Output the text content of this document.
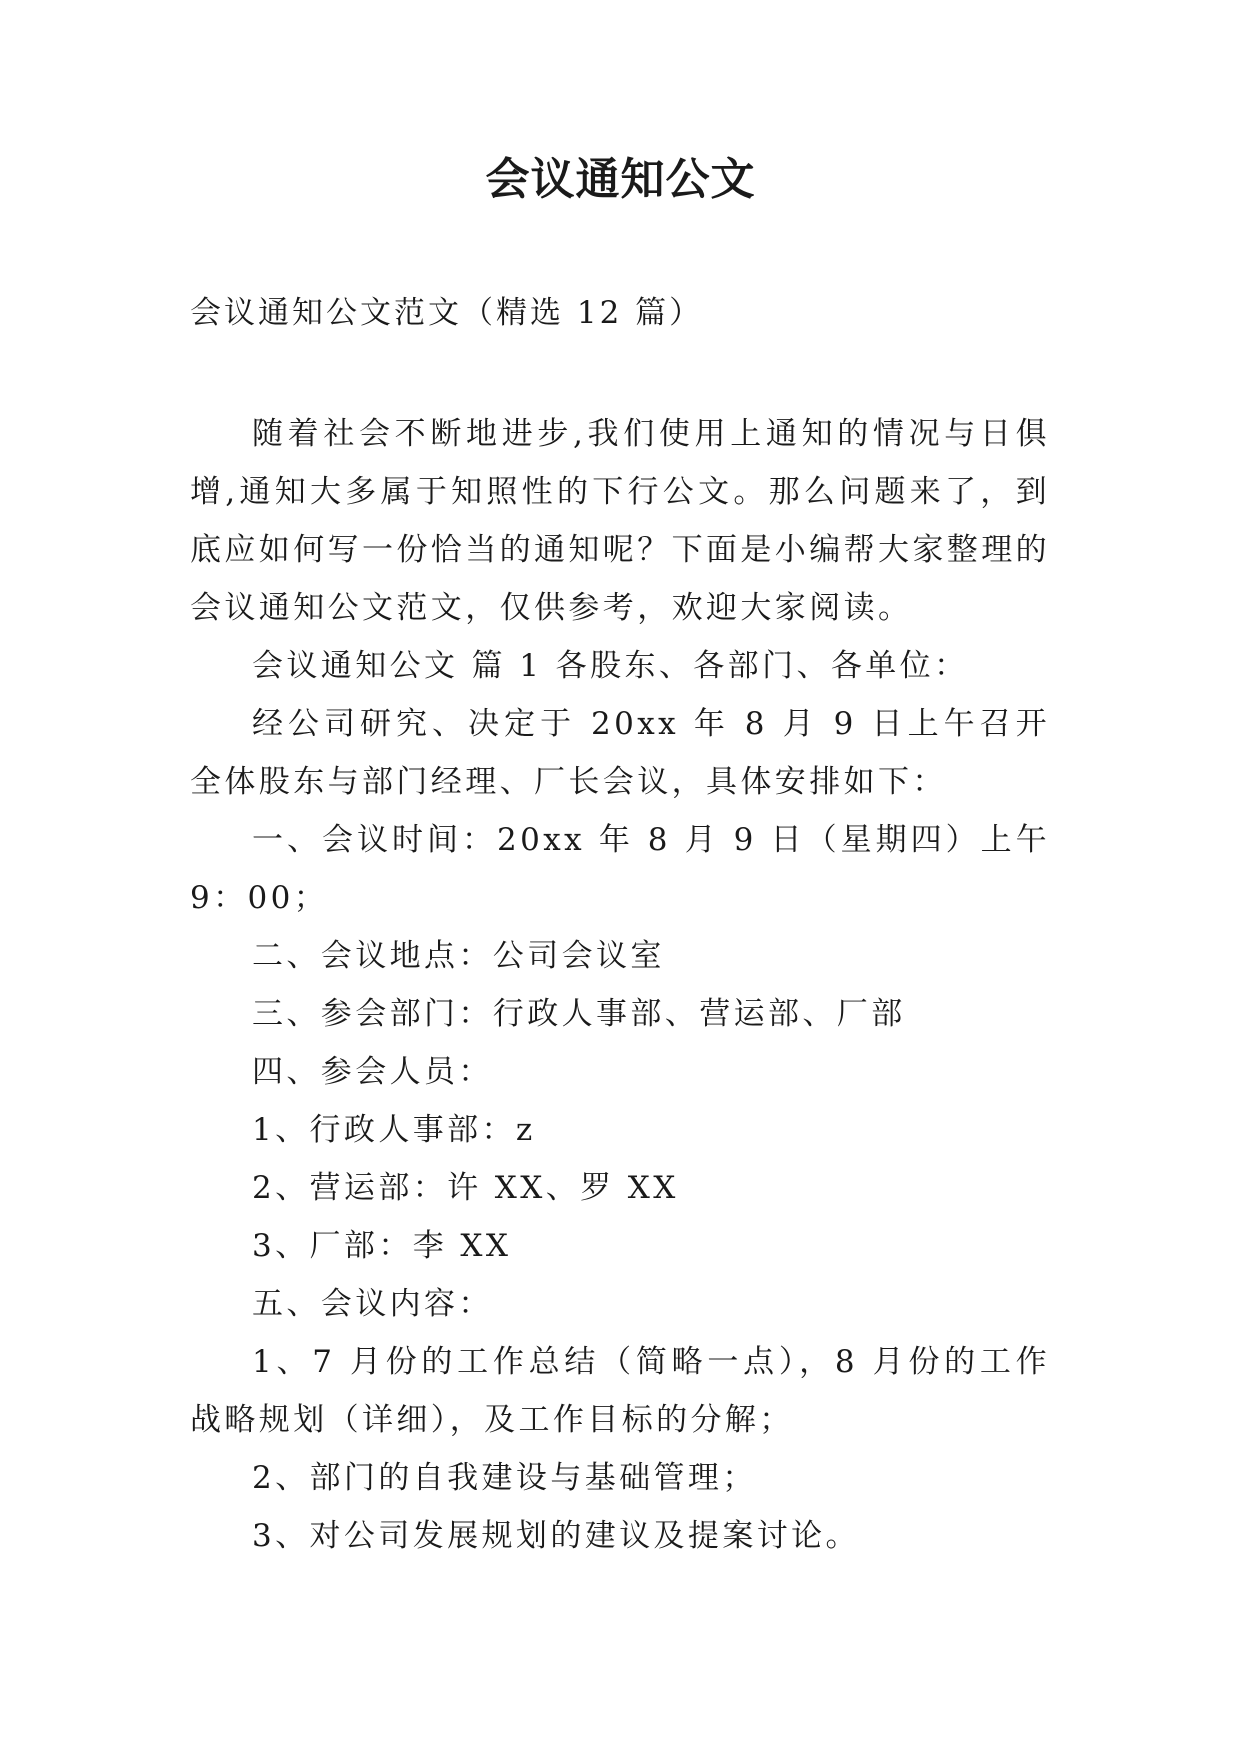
会议通知公文
会议通知公文范文（精选 12 篇）

随着社会不断地进步,我们使用上通知的情况与日俱增,通知大多属于知照性的下行公文。那么问题来了，到底应如何写一份恰当的通知呢？下面是小编帮大家整理的会议通知公文范文，仅供参考，欢迎大家阅读。

会议通知公文 篇 1 各股东、各部门、各单位：

经公司研究、决定于 20xx 年 8 月 9 日上午召开全体股东与部门经理、厂长会议，具体安排如下：

一、会议时间：20xx 年 8 月 9 日（星期四）上午 9：00；

二、会议地点：公司会议室

三、参会部门：行政人事部、营运部、厂部

四、参会人员：

1、行政人事部：z

2、营运部：许 XX、罗 XX

3、厂部：李 XX

五、会议内容：

1、7 月份的工作总结（简略一点），8 月份的工作战略规划（详细），及工作目标的分解；

2、部门的自我建设与基础管理；

3、对公司发展规划的建议及提案讨论。
